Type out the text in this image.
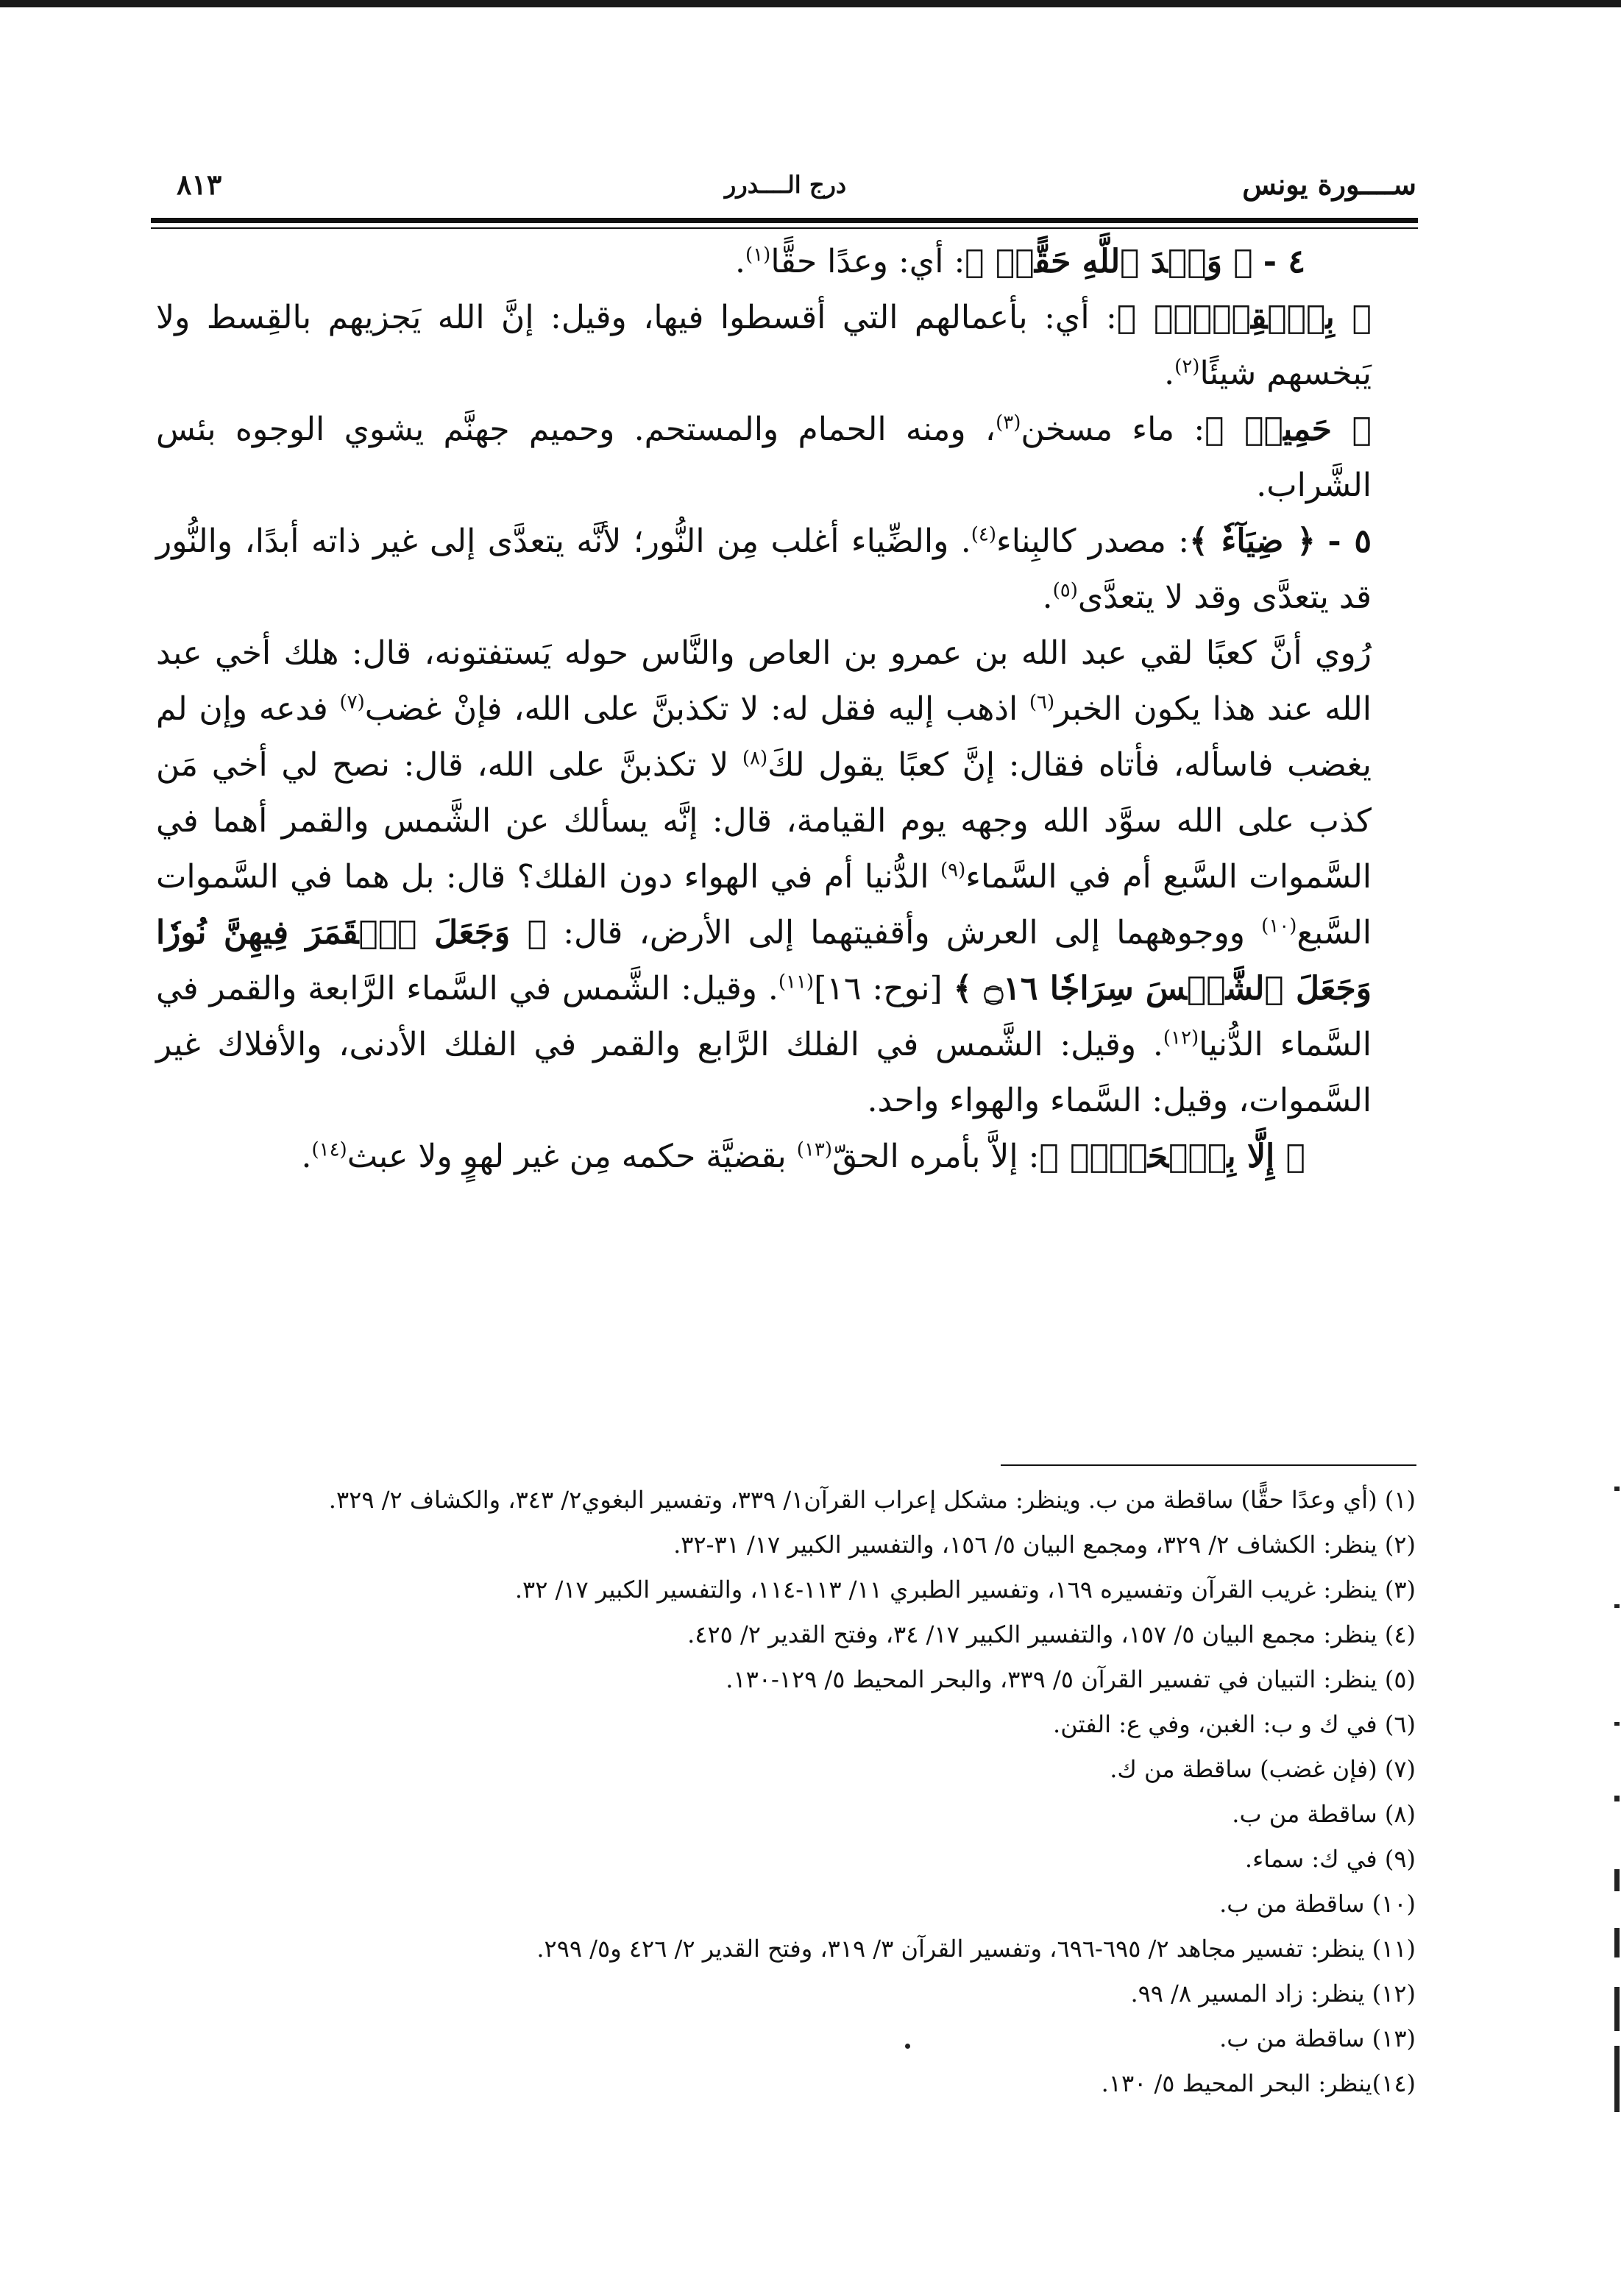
ســــورة يونس
درج الــــدرر
٨١٣

٤ - ﴿ وَعۡدَ ٱللَّهِ حَقًّاۚ ﴾: أي: وعدًا حقًّا$^{(١)}$.

﴿ بِٱلۡقِسۡطِۚ ﴾: أي: بأعمالهم التي أقسطوا فيها، وقيل: إنَّ الله يَجزيهم بالقِسط ولا يَبخسهم شيئًا$^{(٢)}$.

﴿ حَمِيمٖ ﴾: ماء مسخن$^{(٣)}$، ومنه الحمام والمستحم. وحميم جهنَّم يشوي الوجوه بئس الشَّراب.

٥ - ﴿ ضِيَآءٗ ﴾: مصدر كالبِناء$^{(٤)}$. والضِّياء أغلب مِن النُّور؛ لأنَّه يتعدَّى إلى غير ذاته أبدًا، والنُّور قد يتعدَّى وقد لا يتعدَّى$^{(٥)}$.

رُوي أنَّ كعبًا لقي عبد الله بن عمرو بن العاص والنَّاس حوله يَستفتونه، قال: هلك أخي عبد الله عند هذا يكون الخبر$^{(٦)}$ اذهب إليه فقل له: لا تكذبنَّ على الله، فإنْ غضب$^{(٧)}$ فدعه وإن لم يغضب فاسأله، فأتاه فقال: إنَّ كعبًا يقول لكَ$^{(٨)}$ لا تكذبنَّ على الله، قال: نصح لي أخي مَن كذب على الله سوَّد الله وجهه يوم القيامة، قال: إنَّه يسألك عن الشَّمس والقمر أهما في السَّموات السَّبع أم في السَّماء$^{(٩)}$ الدُّنيا أم في الهواء دون الفلك؟ قال: بل هما في السَّموات السَّبع$^{(١٠)}$ ووجوههما إلى العرش وأقفيتهما إلى الأرض، قال: ﴿ وَجَعَلَ ٱلۡقَمَرَ فِيهِنَّ نُورٗا وَجَعَلَ ٱلشَّمۡسَ سِرَاجٗا ۝١٦ ﴾ [نوح: ١٦]$^{(١١)}$. وقيل: الشَّمس في السَّماء الرَّابعة والقمر في السَّماء الدُّنيا$^{(١٢)}$. وقيل: الشَّمس في الفلك الرَّابع والقمر في الفلك الأدنى، والأفلاك غير السَّموات، وقيل: السَّماء والهواء واحد.

﴿ إِلَّا بِٱلۡحَقِّۚ ﴾: إلاَّ بأمره الحقّ$^{(١٣)}$ بقضيَّة حكمه مِن غير لهوٍ ولا عبث$^{(١٤)}$.

(١) (أي وعدًا حقًّا) ساقطة من ب. وينظر: مشكل إعراب القرآن١/ ٣٣٩، وتفسير البغوي٢/ ٣٤٣، والكشاف ٢/ ٣٢٩.

(٢) ينظر: الكشاف ٢/ ٣٢٩، ومجمع البيان ٥/ ١٥٦، والتفسير الكبير ١٧/ ٣١-٣٢.

(٣) ينظر: غريب القرآن وتفسيره ١٦٩، وتفسير الطبري ١١/ ١١٣-١١٤، والتفسير الكبير ١٧/ ٣٢.

(٤) ينظر: مجمع البيان ٥/ ١٥٧، والتفسير الكبير ١٧/ ٣٤، وفتح القدير ٢/ ٤٢٥.

(٥) ينظر: التبيان في تفسير القرآن ٥/ ٣٣٩، والبحر المحيط ٥/ ١٢٩-١٣٠.

(٦) في ك و ب: الغبن، وفي ع: الفتن.

(٧) (فإن غضب) ساقطة من ك.

(٨) ساقطة من ب.

(٩) في ك: سماء.

(١٠) ساقطة من ب.

(١١) ينظر: تفسير مجاهد ٢/ ٦٩٥-٦٩٦، وتفسير القرآن ٣/ ٣١٩، وفتح القدير ٢/ ٤٢٦ و٥/ ٢٩٩.

(١٢) ينظر: زاد المسير ٨/ ٩٩.

(١٣) ساقطة من ب.

(١٤)ينظر: البحر المحيط ٥/ ١٣٠.
